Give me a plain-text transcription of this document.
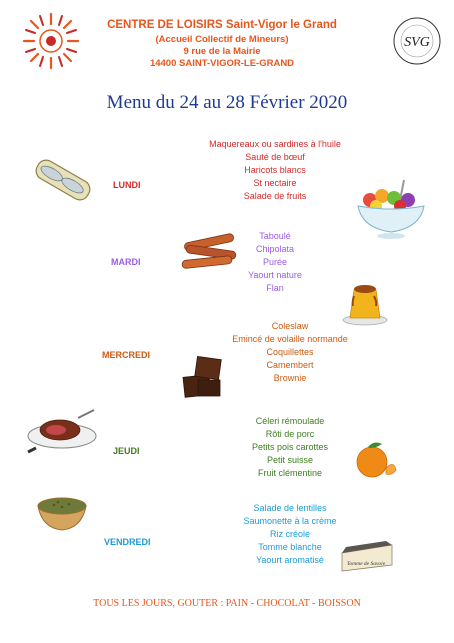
CENTRE DE LOISIRS Saint-Vigor le Grand
(Accueil Collectif de Mineurs)
9 rue de la Mairie
14400 SAINT-VIGOR-LE-GRAND
SVG
Menu du 24 au 28 Février 2020
LUNDI
Maquereaux ou sardines à l'huile
Sauté de bœuf
Haricots blancs
St nectaire
Salade de fruits
MARDI
Taboulé
Chipolata
Purée
Yaourt nature
Flan
MERCREDI
Coleslaw
Emincé de volaille normande
Coquillettes
Camembert
Brownie
JEUDI
Céleri rémoulade
Rôti de porc
Petits pois carottes
Petit suisse
Fruit clémentine
VENDREDI
Salade de lentilles
Saumonette à la crème
Riz créole
Tomme blanche
Yaourt aromatisé	Tomme de Savoie
TOUS LES JOURS, GOUTER : PAIN - CHOCOLAT - BOISSON
